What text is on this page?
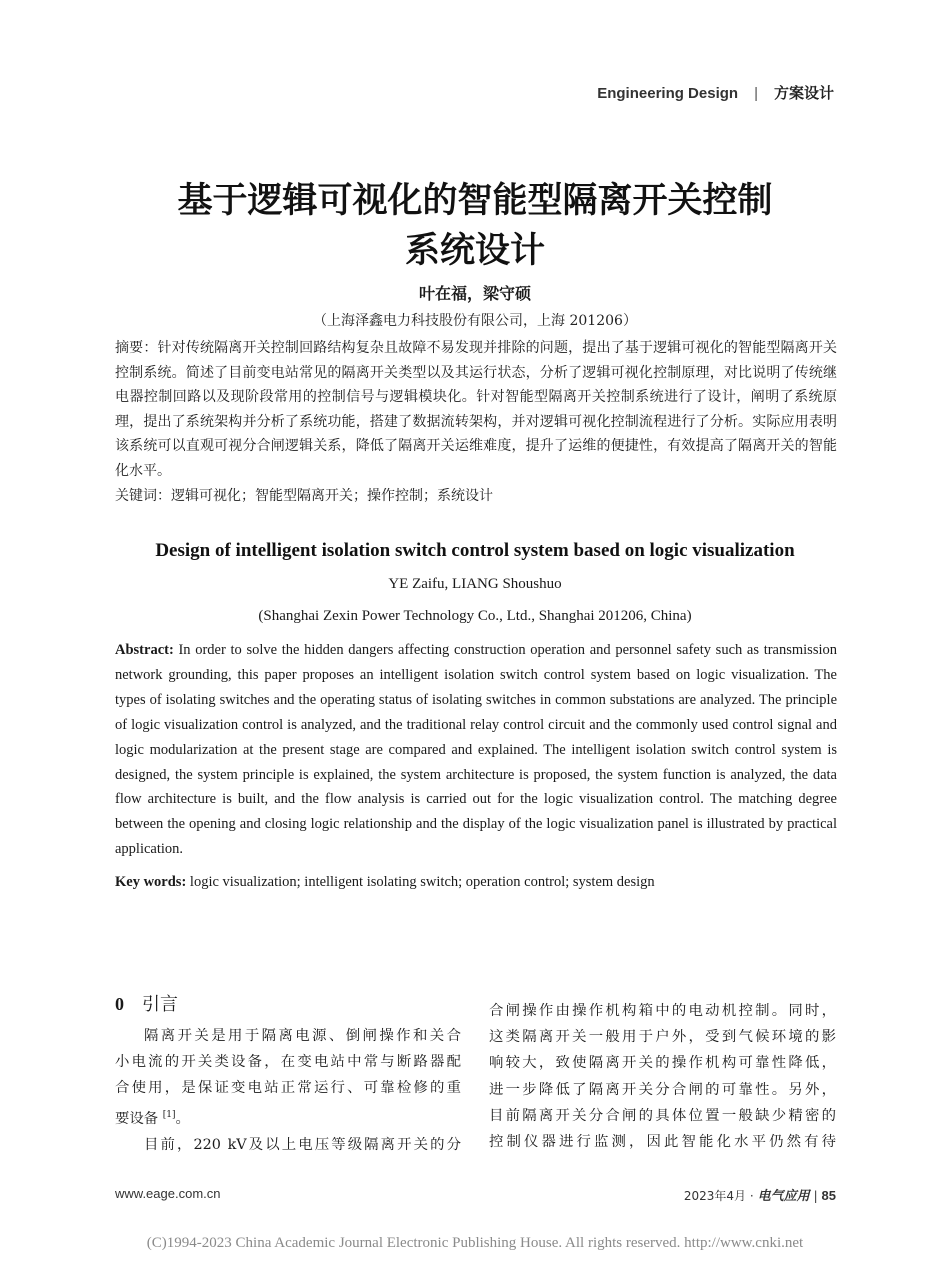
Engineering Design | 方案设计
基于逻辑可视化的智能型隔离开关控制
系统设计
叶在福，梁守硕
（上海泽鑫电力科技股份有限公司，上海 201206）
摘要：针对传统隔离开关控制回路结构复杂且故障不易发现并排除的问题，提出了基于逻辑可视化的智能型隔离开关控制系统。简述了目前变电站常见的隔离开关类型以及其运行状态，分析了逻辑可视化控制原理，对比说明了传统继电器控制回路以及现阶段常用的控制信号与逻辑模块化。针对智能型隔离开关控制系统进行了设计，阐明了系统原理，提出了系统架构并分析了系统功能，搭建了数据流转架构，并对逻辑可视化控制流程进行了分析。实际应用表明该系统可以直观可视分合闸逻辑关系，降低了隔离开关运维难度，提升了运维的便捷性，有效提高了隔离开关的智能化水平。
关键词：逻辑可视化；智能型隔离开关；操作控制；系统设计
Design of intelligent isolation switch control system based on logic visualization
YE Zaifu, LIANG Shoushuo
(Shanghai Zexin Power Technology Co., Ltd., Shanghai 201206, China)
Abstract: In order to solve the hidden dangers affecting construction operation and personnel safety such as transmission network grounding, this paper proposes an intelligent isolation switch control system based on logic visualization. The types of isolating switches and the operating status of isolating switches in common substations are analyzed. The principle of logic visualization control is analyzed, and the traditional relay control circuit and the commonly used control signal and logic modularization at the present stage are compared and explained. The intelligent isolation switch control system is designed, the system principle is explained, the system architecture is proposed, the system function is analyzed, the data flow architecture is built, and the flow analysis is carried out for the logic visualization control. The matching degree between the opening and closing logic relationship and the display of the logic visualization panel is illustrated by practical application.
Key words: logic visualization; intelligent isolating switch; operation control; system design
0 引言
隔离开关是用于隔离电源、倒闸操作和关合
小电流的开关类设备，在变电站中常与断路器配
合使用，是保证变电站正常运行、可靠检修的重
要设备 [1]。
目前，220 kV及以上电压等级隔离开关的分
合闸操作由操作机构箱中的电动机控制。同时，
这类隔离开关一般用于户外，受到气候环境的影
响较大，致使隔离开关的操作机构可靠性降低，
进一步降低了隔离开关分合闸的可靠性。另外，
目前隔离开关分合闸的具体位置一般缺少精密的
控制仪器进行监测，因此智能化水平仍然有待
www.eage.com.cn	2023年4月 · 电气应用 | 85
(C)1994-2023 China Academic Journal Electronic Publishing House. All rights reserved. http://www.cnki.net
